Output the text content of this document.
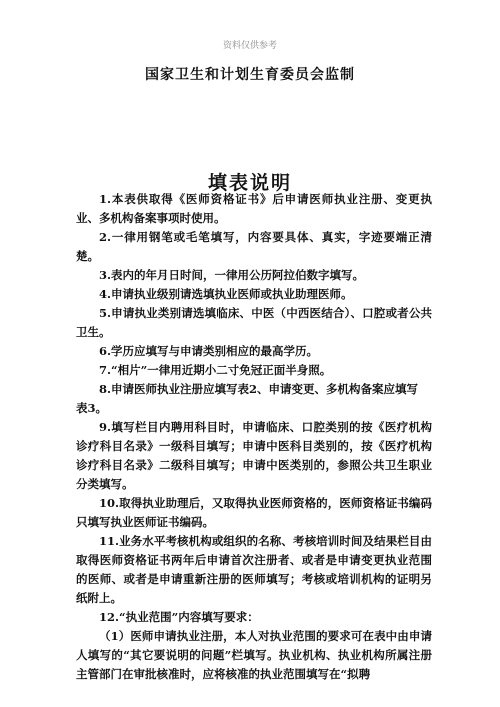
资料仅供参考
国家卫生和计划生育委员会监制
填表说明

1.本表供取得《医师资格证书》后申请医师执业注册、变更执业、多机构备案事项时使用。

2.一律用钢笔或毛笔填写，内容要具体、真实，字迹要端正清楚。

3.表内的年月日时间，一律用公历阿拉伯数字填写。

4.申请执业级别请选填执业医师或执业助理医师。

5.申请执业类别请选填临床、中医（中西医结合）、口腔或者公共卫生。

6.学历应填写与申请类别相应的最高学历。

7.“相片”一律用近期小二寸免冠正面半身照。

8.申请医师执业注册应填写表2、申请变更、多机构备案应填写

表3。

9.填写栏目内聘用科目时，申请临床、口腔类别的按《医疗机构诊疗科目名录》一级科目填写；申请中医科目类别的，按《医疗机构诊疗科目名录》二级科目填写；申请中医类别的，参照公共卫生职业分类填写。

10.取得执业助理后，又取得执业医师资格的，医师资格证书编码只填写执业医师证书编码。

11.业务水平考核机构或组织的名称、考核培训时间及结果栏目由取得医师资格证书两年后申请首次注册者、或者是申请变更执业范围的医师、或者是申请重新注册的医师填写；考核或培训机构的证明另纸附上。

12.“执业范围”内容填写要求：

（1）医师申请执业注册，本人对执业范围的要求可在表中由申请人填写的“其它要说明的问题”栏填写。执业机构、执业机构所属注册主管部门在审批核准时，应将核准的执业范围填写在“拟聘
